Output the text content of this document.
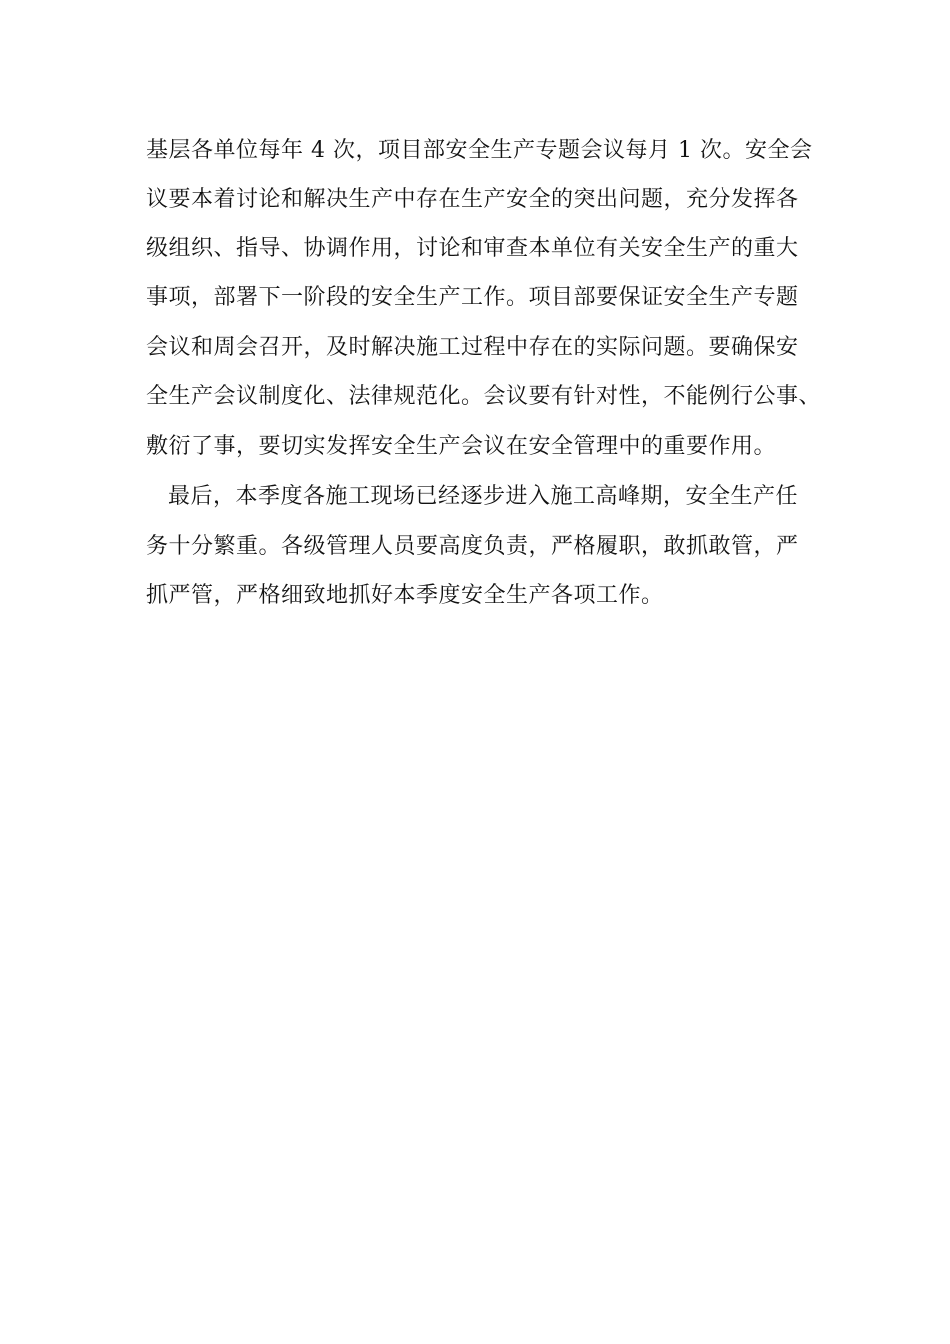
基层各单位每年 4 次，项目部安全生产专题会议每月 1 次。安全会
议要本着讨论和解决生产中存在生产安全的突出问题，充分发挥各
级组织、指导、协调作用，讨论和审查本单位有关安全生产的重大
事项，部署下一阶段的安全生产工作。项目部要保证安全生产专题
会议和周会召开，及时解决施工过程中存在的实际问题。要确保安
全生产会议制度化、法律规范化。会议要有针对性，不能例行公事、
敷衍了事，要切实发挥安全生产会议在安全管理中的重要作用。
最后，本季度各施工现场已经逐步进入施工高峰期，安全生产任
务十分繁重。各级管理人员要高度负责，严格履职，敢抓敢管，严
抓严管，严格细致地抓好本季度安全生产各项工作。
